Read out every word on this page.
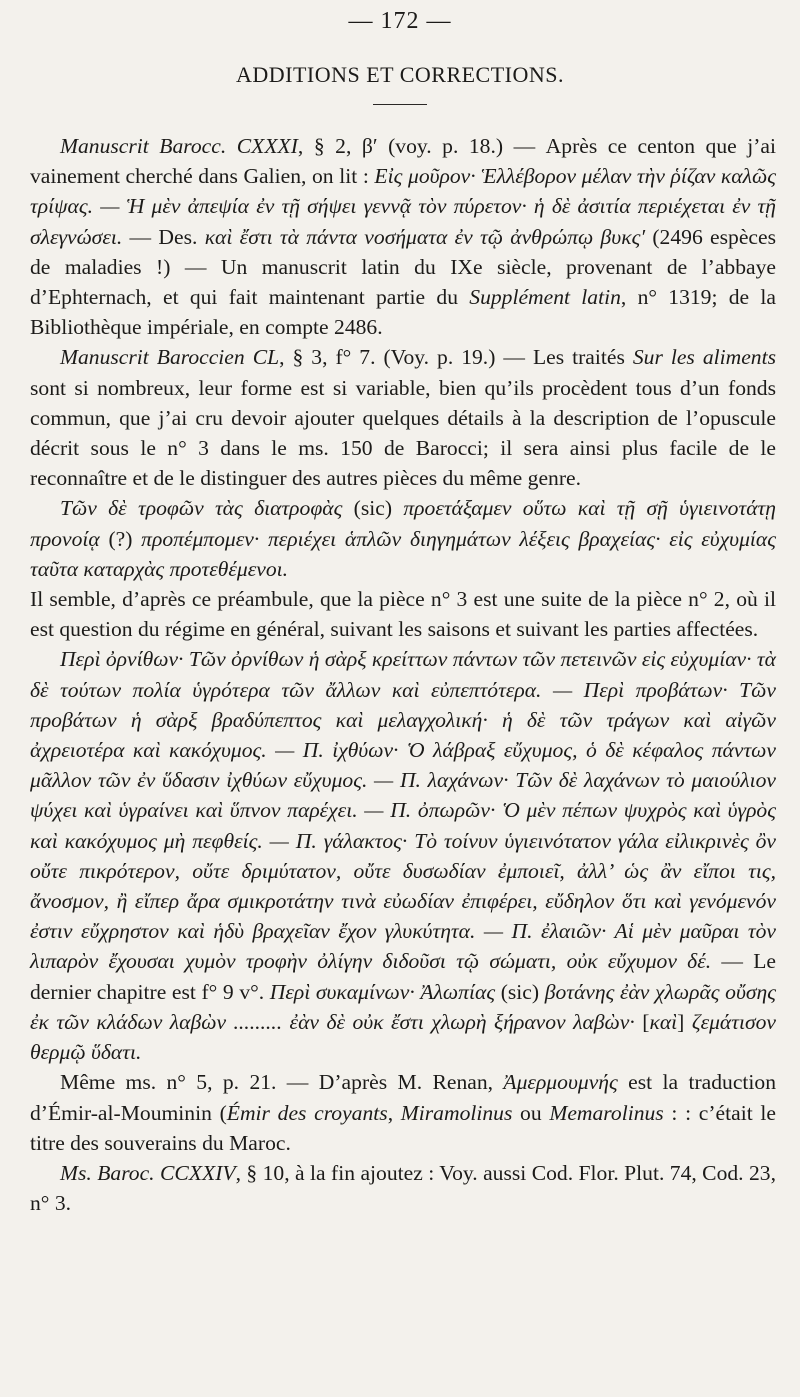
— 172 —
ADDITIONS ET CORRECTIONS.

Manuscrit Barocc. CXXXI, § 2, β′ (voy. p. 18.) — Après ce centon que j’ai vainement cherché dans Galien, on lit : Εἰς μοῦρον· Ἑλλέβορον μέλαν τὴν ῥίζαν καλῶς τρίψας. — Ἡ μὲν ἀπεψία ἐν τῇ σήψει γεννᾷ τὸν πύρετον· ἡ δὲ ἀσιτία περιέχεται ἐν τῇ σλεγνώσει. — Des. καὶ ἔστι τὰ πάντα νοσήματα ἐν τῷ ἀνθρώπῳ βυκς′ (2496 espèces de maladies !) — Un manuscrit latin du IXe siècle, provenant de l’abbaye d’Ephternach, et qui fait maintenant partie du Supplément latin, n° 1319; de la Bibliothèque impériale, en compte 2486.

Manuscrit Baroccien CL, § 3, f° 7. (Voy. p. 19.) — Les traités Sur les aliments sont si nombreux, leur forme est si variable, bien qu’ils procèdent tous d’un fonds commun, que j’ai cru devoir ajouter quelques détails à la description de l’opuscule décrit sous le n° 3 dans le ms. 150 de Barocci; il sera ainsi plus facile de le reconnaître et de le distinguer des autres pièces du même genre.

Τῶν δὲ τροφῶν τὰς διατροφὰς (sic) προετάξαμεν οὕτω καὶ τῇ σῇ ὑγιεινοτάτῃ προνοίᾳ (?) προπέμπομεν· περιέχει ἁπλῶν διηγημάτων λέξεις βραχείας· εἰς εὐχυμίας ταῦτα καταρχὰς προτεθέμενοι.

Il semble, d’après ce préambule, que la pièce n° 3 est une suite de la pièce n° 2, où il est question du régime en général, suivant les saisons et suivant les parties affectées.

Περὶ ὀρνίθων· Τῶν ὀρνίθων ἡ σὰρξ κρείττων πάντων τῶν πετεινῶν εἰς εὐχυμίαν· τὰ δὲ τούτων πολία ὑγρότερα τῶν ἄλλων καὶ εὐπεπτότερα. — Περὶ προβάτων· Τῶν προβάτων ἡ σὰρξ βραδύπεπτος καὶ μελαγχολική· ἡ δὲ τῶν τράγων καὶ αἰγῶν ἀχρειοτέρα καὶ κακόχυμος. — Π. ἰχθύων· Ὁ λάβραξ εὔχυμος, ὁ δὲ κέφαλος πάντων μᾶλλον τῶν ἐν ὕδασιν ἰχθύων εὔχυμος. — Π. λαχάνων· Τῶν δὲ λαχάνων τὸ μαιούλιον ψύχει καὶ ὑγραίνει καὶ ὕπνον παρέχει. — Π. ὀπωρῶν· Ὁ μὲν πέπων ψυχρὸς καὶ ὑγρὸς καὶ κακόχυμος μὴ πεφθείς. — Π. γάλακτος· Τὸ τοίνυν ὑγιεινότατον γάλα εἰλικρινὲς ὂν οὔτε πικρότερον, οὔτε δριμύτατον, οὔτε δυσωδίαν ἐμποιεῖ, ἀλλ’ ὡς ἂν εἴποι τις, ἄνοσμον, ἢ εἴπερ ἄρα σμικροτάτην τινὰ εὐωδίαν ἐπιφέρει, εὔδηλον ὅτι καὶ γενόμενόν ἐστιν εὔχρηστον καὶ ἡδὺ βραχεῖαν ἔχον γλυκύτητα. — Π. ἐλαιῶν· Αἱ μὲν μαῦραι τὸν λιπαρὸν ἔχουσαι χυμὸν τροφὴν ὀλίγην διδοῦσι τῷ σώματι, οὐκ εὔχυμον δέ. — Le dernier chapitre est f° 9 v°. Περὶ συκαμίνων· Ἀλωπίας (sic) βοτάνης ἐὰν χλωρᾶς οὔσης ἐκ τῶν κλάδων λαβὼν ......... ἐὰν δὲ οὐκ ἔστι χλωρὴ ξήρανον λαβὼν· [καὶ] ζεμάτισον θερμῷ ὕδατι.

Même ms. n° 5, p. 21. — D’après M. Renan, Ἀμερμουμνής est la traduction d’Émir-al-Mouminin (Émir des croyants, Miramolinus ou Memarolinus : : c’était le titre des souverains du Maroc.

Ms. Baroc. CCXXIV, § 10, à la fin ajoutez : Voy. aussi Cod. Flor. Plut. 74, Cod. 23, n° 3.
